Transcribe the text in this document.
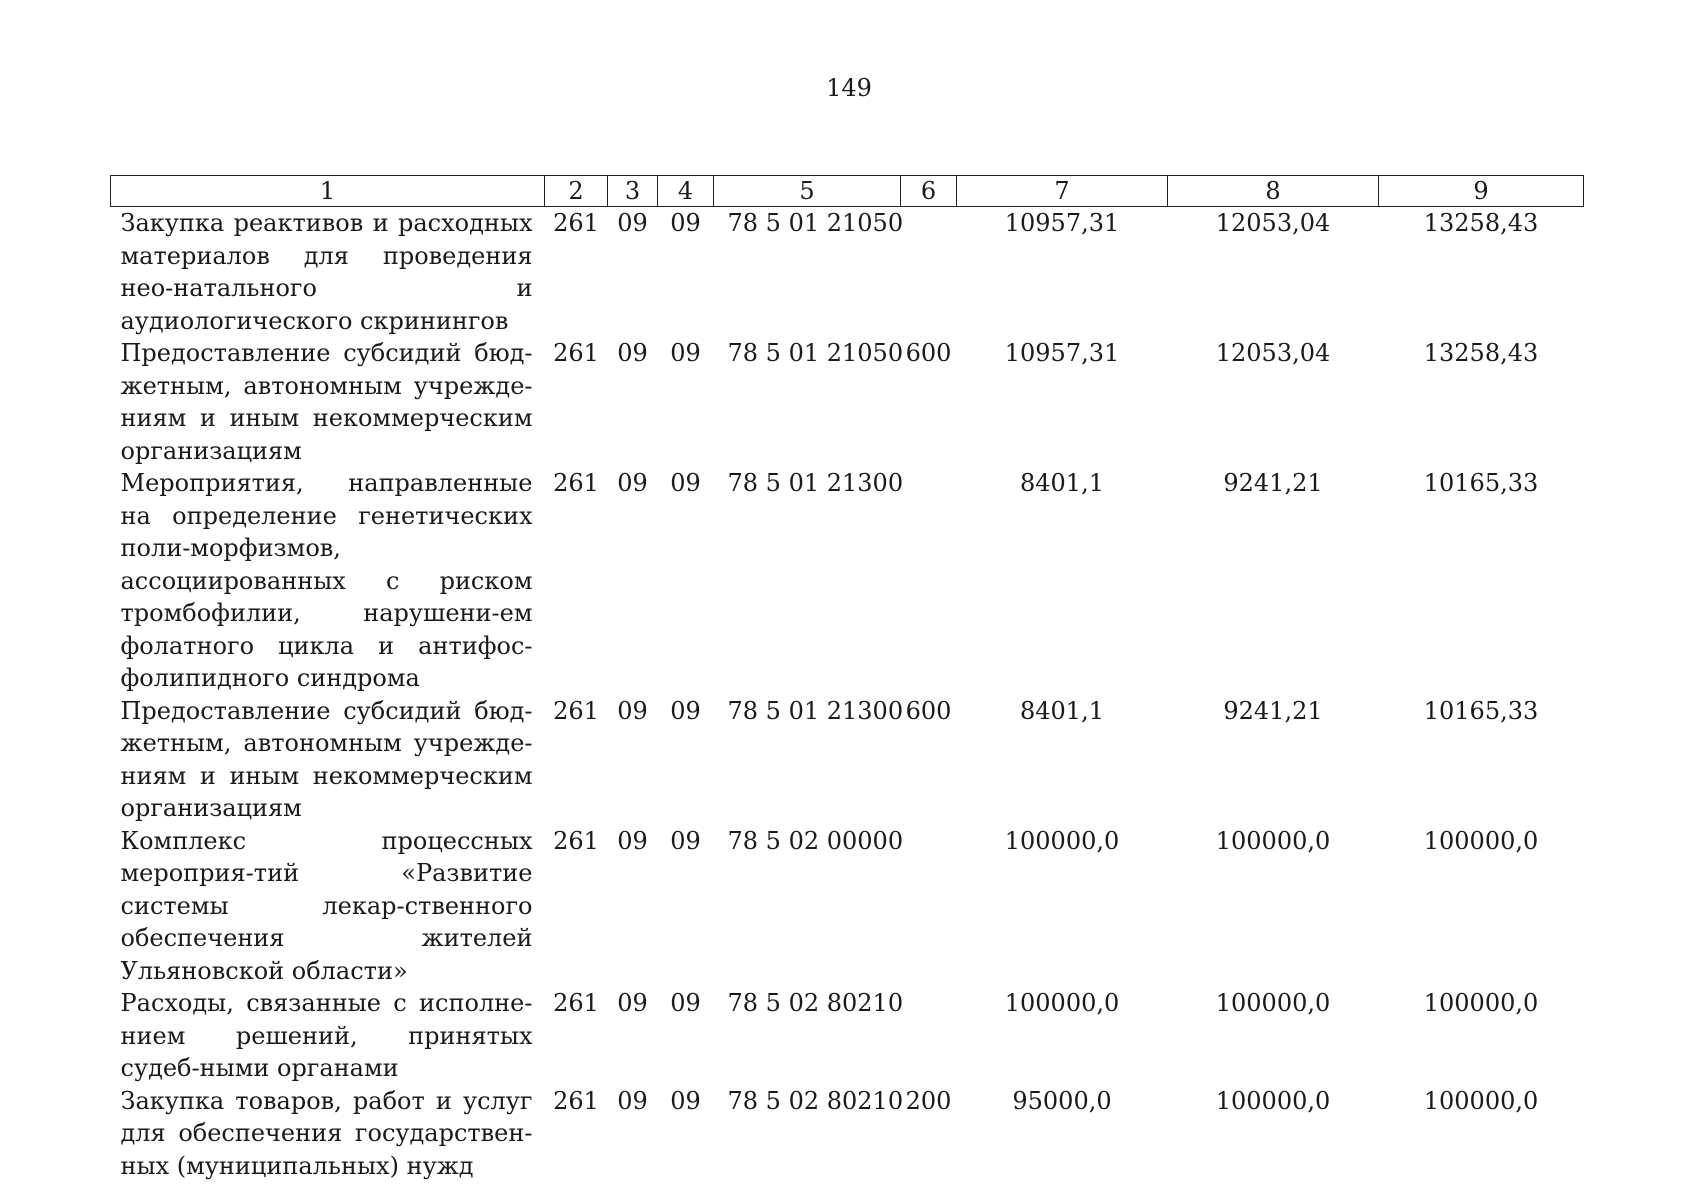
149
1	2	3	4	5	6	7	8	9
Закупка реактивов и расходных материалов для проведения нео-натального и аудиологического скринингов	261	09	09	78 5 01 21050		10957,31	12053,04	13258,43
Предоставление субсидий бюд-жетным, автономным учрежде-ниям и иным некоммерческим организациям	261	09	09	78 5 01 21050	600	10957,31	12053,04	13258,43
Мероприятия, направленные на определение генетических поли-морфизмов, ассоциированных с риском тромбофилии, нарушени-ем фолатного цикла и антифос-фолипидного синдрома	261	09	09	78 5 01 21300		8401,1	9241,21	10165,33
Предоставление субсидий бюд-жетным, автономным учрежде-ниям и иным некоммерческим организациям	261	09	09	78 5 01 21300	600	8401,1	9241,21	10165,33
Комплекс процессных мероприя-тий «Развитие системы лекар-ственного обеспечения жителей Ульяновской области»	261	09	09	78 5 02 00000		100000,0	100000,0	100000,0
Расходы, связанные с исполне-нием решений, принятых судеб-ными органами	261	09	09	78 5 02 80210		100000,0	100000,0	100000,0
Закупка товаров, работ и услуг для обеспечения государствен-ных (муниципальных) нужд	261	09	09	78 5 02 80210	200	95000,0	100000,0	100000,0
